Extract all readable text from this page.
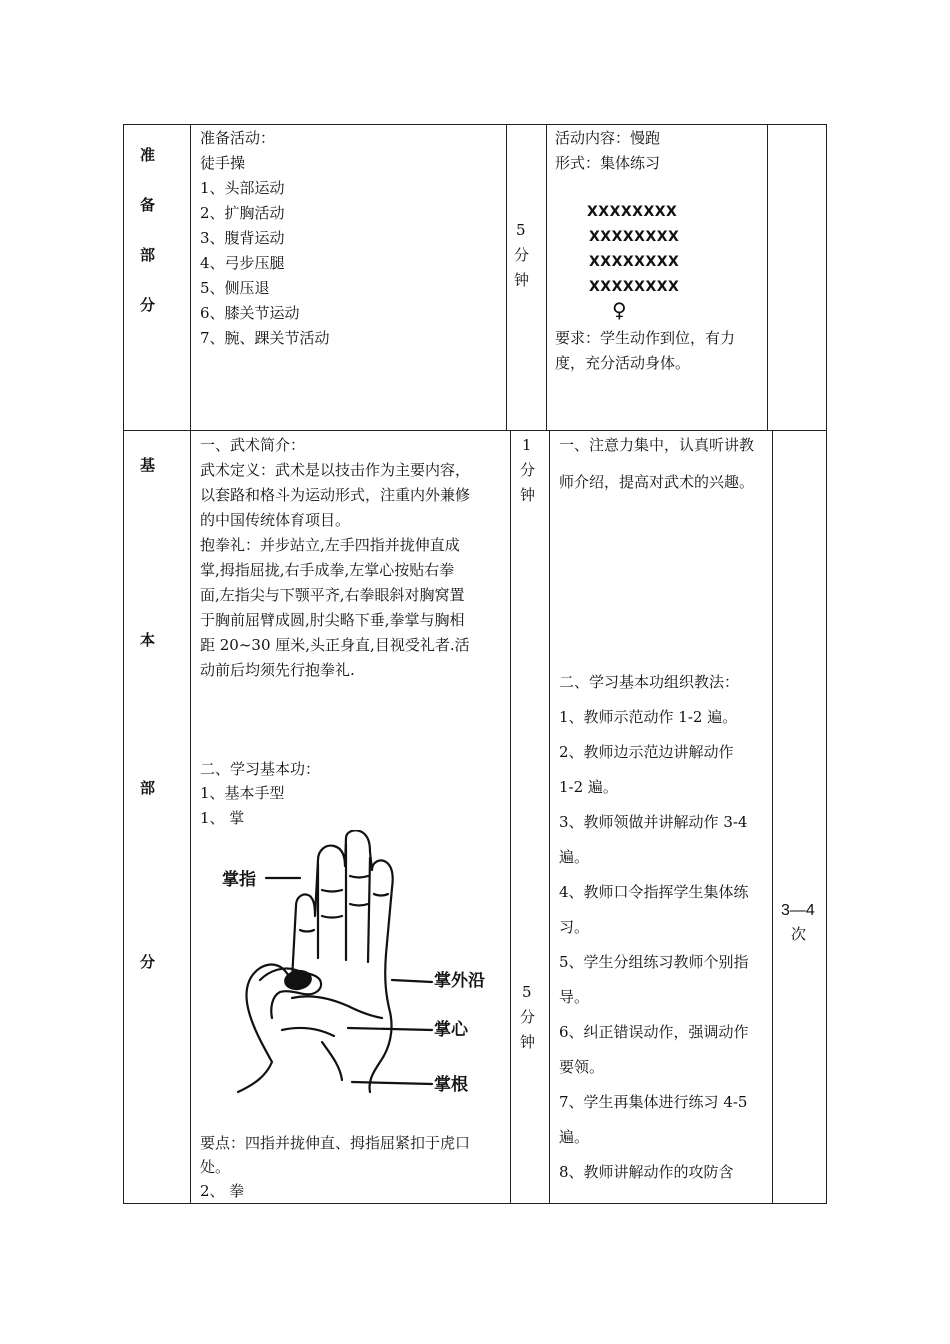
准
备
部
分
准备活动：
徒手操
1、头部运动
2、扩胸活动
3、腹背运动
4、弓步压腿
5、侧压退
6、膝关节运动
7、腕、踝关节活动
5
分
钟
活动内容：慢跑
形式：集体练习
XXXXXXXX
XXXXXXXX
XXXXXXXX
XXXXXXXX
♀
要求：学生动作到位，有力
度，充分活动身体。
基
本
部
分
一、武术简介：
武术定义：武术是以技击作为主要内容，
以套路和格斗为运动形式，注重内外兼修
的中国传统体育项目。
抱拳礼：并步站立,左手四指并拢伸直成
掌,拇指屈拢,右手成拳,左掌心按贴右拳
面,左指尖与下颚平齐,右拳眼斜对胸窝置
于胸前屈臂成圆,肘尖略下垂,拳掌与胸相
距 20~30 厘米,头正身直,目视受礼者.活
动前后均须先行抱拳礼.
二、学习基本功：
1、基本手型
1、 掌
掌指
掌外沿
掌心
掌根
要点：四指并拢伸直、拇指屈紧扣于虎口
处。
2、 拳
1
分
钟
5
分
钟
一、注意力集中，认真听讲教
师介绍，提高对武术的兴趣。
二、学习基本功组织教法：
1、教师示范动作 1-2 遍。
2、教师边示范边讲解动作
1-2 遍。
3、教师领做并讲解动作 3-4
遍。
4、教师口令指挥学生集体练
习。
5、学生分组练习教师个别指
导。
6、纠正错误动作，强调动作
要领。
7、学生再集体进行练习 4-5
遍。
8、教师讲解动作的攻防含
3—4
次
